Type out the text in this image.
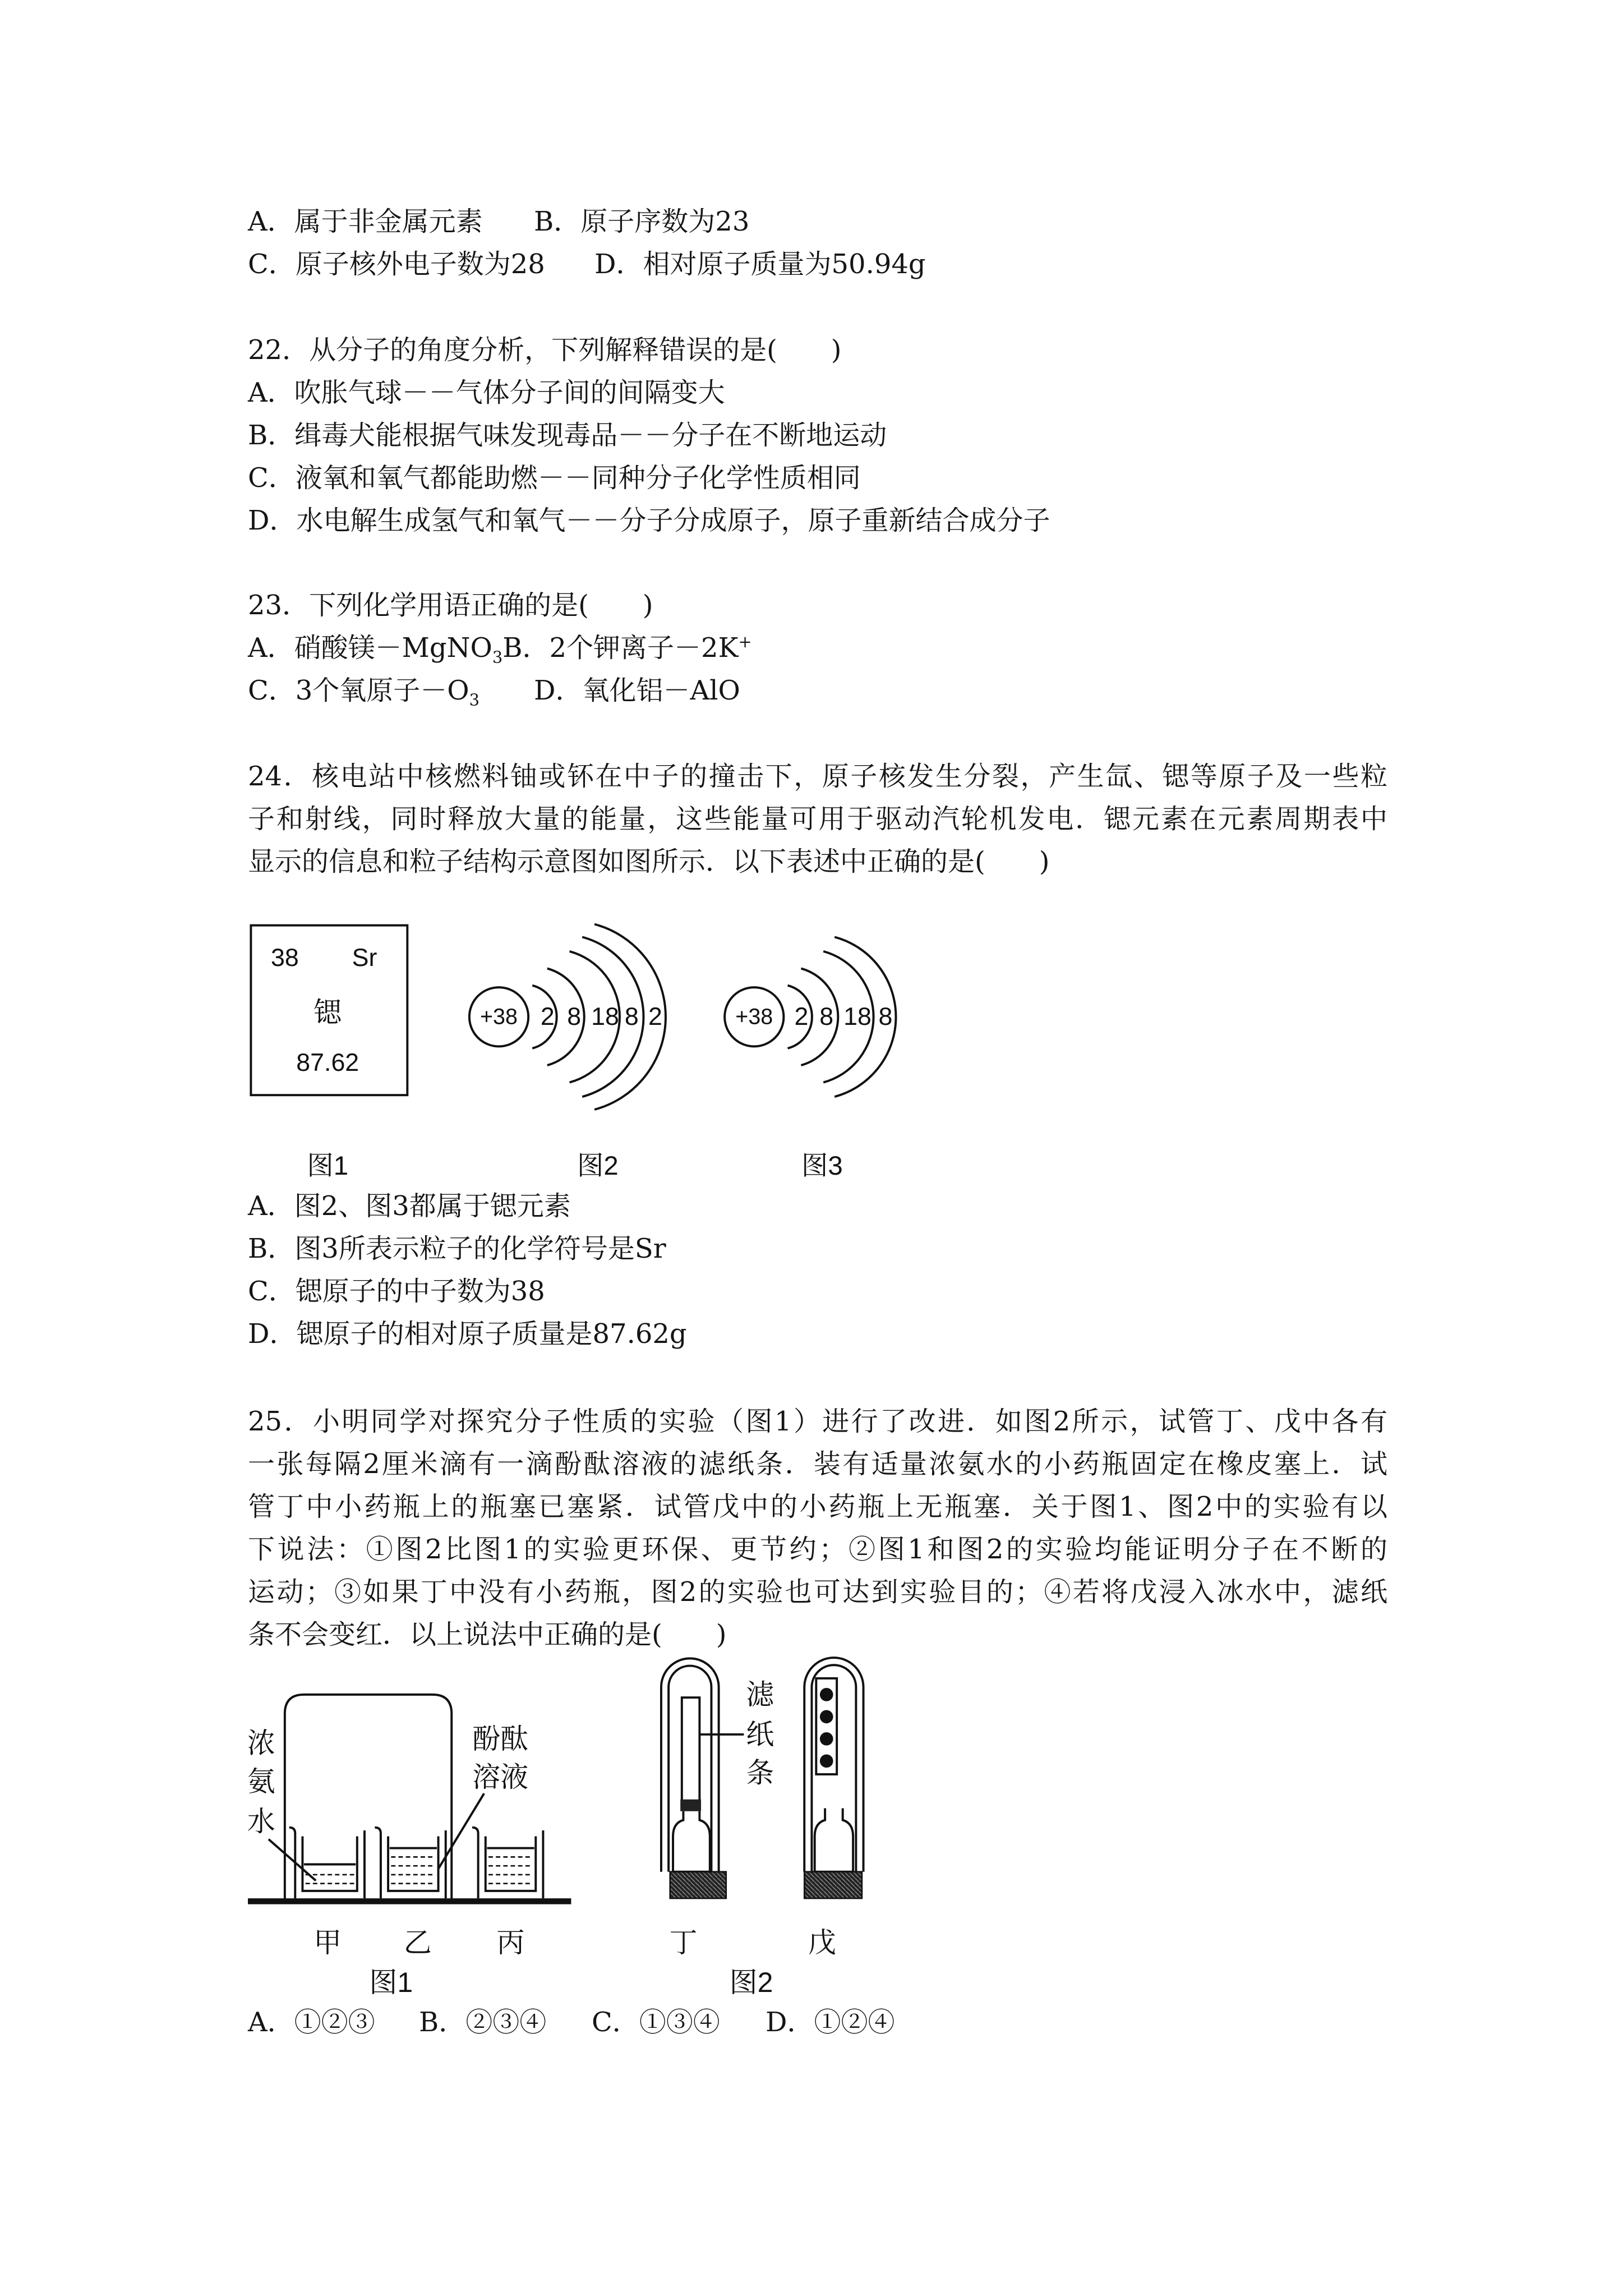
A．属于非金属元素 B．原子序数为23
C．原子核外电子数为28 D．相对原子质量为50.94g
22．从分子的角度分析，下列解释错误的是(　　)
A．吹胀气球－－气体分子间的间隔变大
B．缉毒犬能根据气味发现毒品－－分子在不断地运动
C．液氧和氧气都能助燃－－同种分子化学性质相同
D．水电解生成氢气和氧气－－分子分成原子，原子重新结合成分子
23．下列化学用语正确的是(　　)
A．硝酸镁－MgNO$_3$B．2个钾离子－2K+
C．3个氧原子$-O_3$ D．氧化铝－AlO
24．核电站中核燃料铀或钚在中子的撞击下，原子核发生分裂，产生氙、锶等原子及一些粒
子和射线，同时释放大量的能量，这些能量可用于驱动汽轮机发电．锶元素在元素周期表中
显示的信息和粒子结构示意图如图所示．以下表述中正确的是(　　)
38	Sr
锶
87.62
+38 2 8 18 8 2	+38 2 8 18 8
图1	图2	图3
A．图2、图3都属于锶元素
B．图3所表示粒子的化学符号是Sr
C．锶原子的中子数为38
D．锶原子的相对原子质量是87.62g
25．小明同学对探究分子性质的实验（图1）进行了改进．如图2所示，试管丁、戊中各有
一张每隔2厘米滴有一滴酚酞溶液的滤纸条．装有适量浓氨水的小药瓶固定在橡皮塞上．试
管丁中小药瓶上的瓶塞已塞紧．试管戊中的小药瓶上无瓶塞．关于图1、图2中的实验有以
下说法：①图2比图1的实验更环保、更节约；②图1和图2的实验均能证明分子在不断的
运动；③如果丁中没有小药瓶，图2的实验也可达到实验目的；④若将戊浸入冰水中，滤纸
条不会变红．以上说法中正确的是(　　)
浓
氨
水
酚酞
溶液
甲	乙	丙
图1
滤
纸
条
丁	戊
图2
A．①②③ B．②③④ C．①③④ D．①②④
